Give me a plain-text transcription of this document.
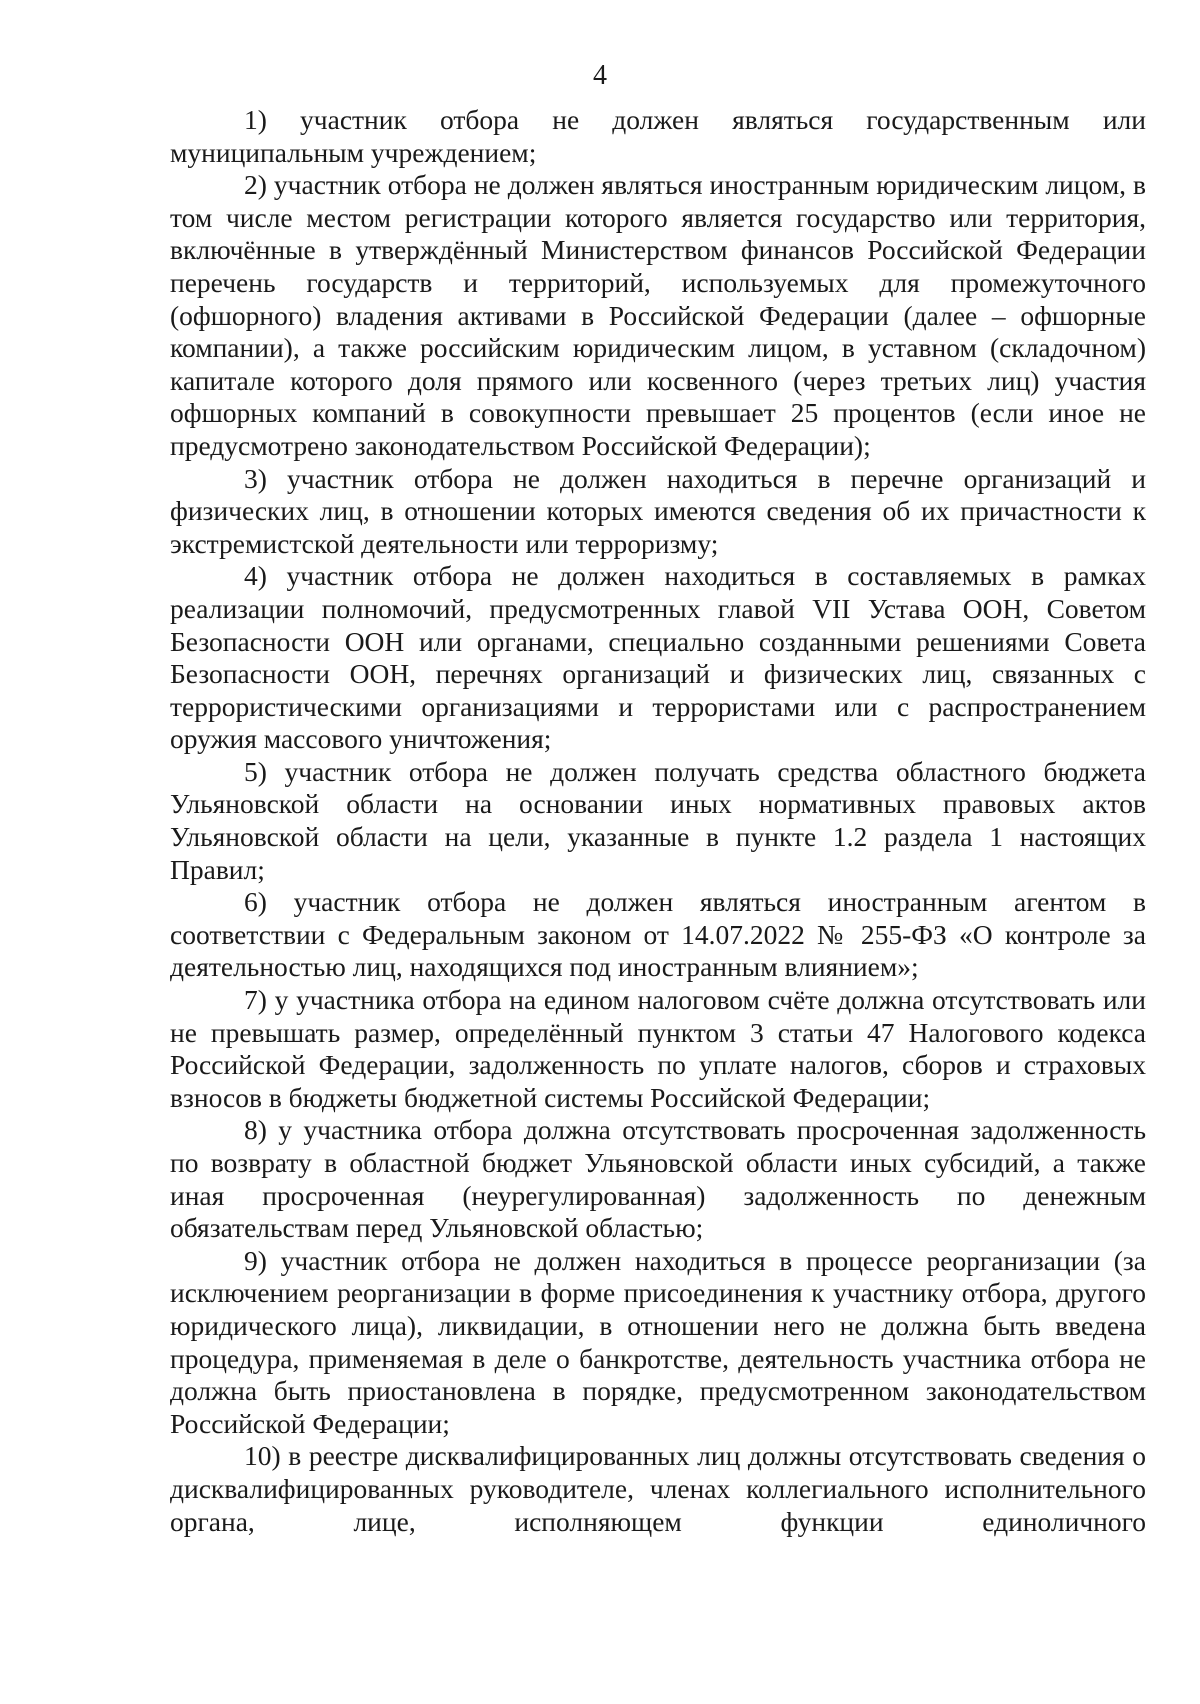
4

1) участник отбора не должен являться государственным или муниципальным учреждением;

2) участник отбора не должен являться иностранным юридическим лицом, в том числе местом регистрации которого является государство или территория, включённые в утверждённый Министерством финансов Российской Федерации перечень государств и территорий, используемых для промежуточного (офшорного) владения активами в Российской Федерации (далее – офшорные компании), а также российским юридическим лицом, в уставном (складочном) капитале которого доля прямого или косвенного (через третьих лиц) участия офшорных компаний в совокупности превышает 25 процентов (если иное не предусмотрено законодательством Российской Федерации);

3) участник отбора не должен находиться в перечне организаций и физических лиц, в отношении которых имеются сведения об их причастности к экстремистской деятельности или терроризму;

4) участник отбора не должен находиться в составляемых в рамках реализации полномочий, предусмотренных главой VII Устава ООН, Советом Безопасности ООН или органами, специально созданными решениями Совета Безопасности ООН, перечнях организаций и физических лиц, связанных с террористическими организациями и террористами или с распространением оружия массового уничтожения;

5) участник отбора не должен получать средства областного бюджета Ульяновской области на основании иных нормативных правовых актов Ульяновской области на цели, указанные в пункте 1.2 раздела 1 настоящих Правил;

6) участник отбора не должен являться иностранным агентом в соответствии с Федеральным законом от 14.07.2022 № 255-ФЗ «О контроле за деятельностью лиц, находящихся под иностранным влиянием»;

7) у участника отбора на едином налоговом счёте должна отсутствовать или не превышать размер, определённый пунктом 3 статьи 47 Налогового кодекса Российской Федерации, задолженность по уплате налогов, сборов и страховых взносов в бюджеты бюджетной системы Российской Федерации;

8) у участника отбора должна отсутствовать просроченная задолженность по возврату в областной бюджет Ульяновской области иных субсидий, а также иная просроченная (неурегулированная) задолженность по денежным обязательствам перед Ульяновской областью;

9) участник отбора не должен находиться в процессе реорганизации (за исключением реорганизации в форме присоединения к участнику отбора, другого юридического лица), ликвидации, в отношении него не должна быть введена процедура, применяемая в деле о банкротстве, деятельность участника отбора не должна быть приостановлена в порядке, предусмотренном законодательством Российской Федерации;

10) в реестре дисквалифицированных лиц должны отсутствовать сведения о дисквалифицированных руководителе, членах коллегиального исполнительного органа, лице, исполняющем функции единоличного
